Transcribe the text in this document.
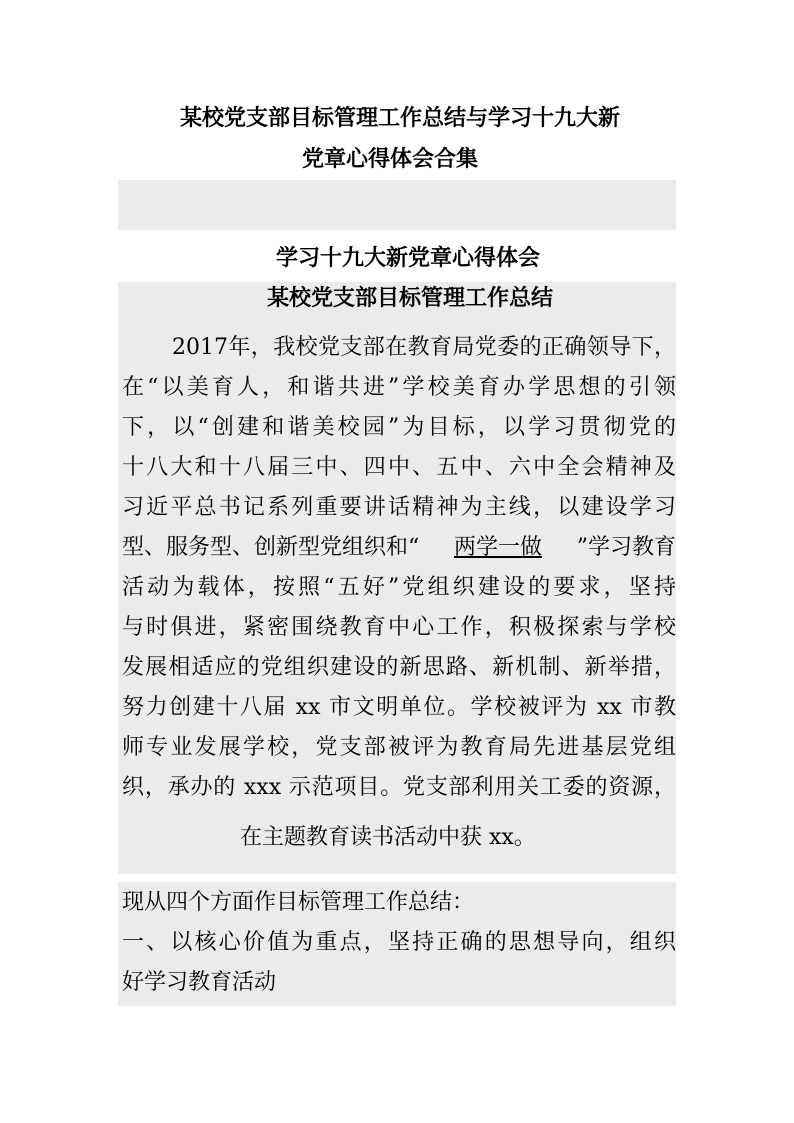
某校党支部目标管理工作总结与学习十九大新
党章心得体会合集
学习十九大新党章心得体会
某校党支部目标管理工作总结
2017年，我校党支部在教育局党委的正确领导下，
在“以美育人，和谐共进”学校美育办学思想的引领
下，以“创建和谐美校园”为目标，以学习贯彻党的
十八大和十八届三中、四中、五中、六中全会精神及
习近平总书记系列重要讲话精神为主线，以建设学习
型、服务型、创新型党组织和“ 两学一做 ”学习教育
活动为载体，按照“五好”党组织建设的要求，坚持
与时俱进，紧密围绕教育中心工作，积极探索与学校
发展相适应的党组织建设的新思路、新机制、新举措，
努力创建十八届 xx 市文明单位。学校被评为 xx 市教
师专业发展学校，党支部被评为教育局先进基层党组
织，承办的 xxx 示范项目。党支部利用关工委的资源，
在主题教育读书活动中获 xx。
现从四个方面作目标管理工作总结：
一、以核心价值为重点，坚持正确的思想导向，组织
好学习教育活动
